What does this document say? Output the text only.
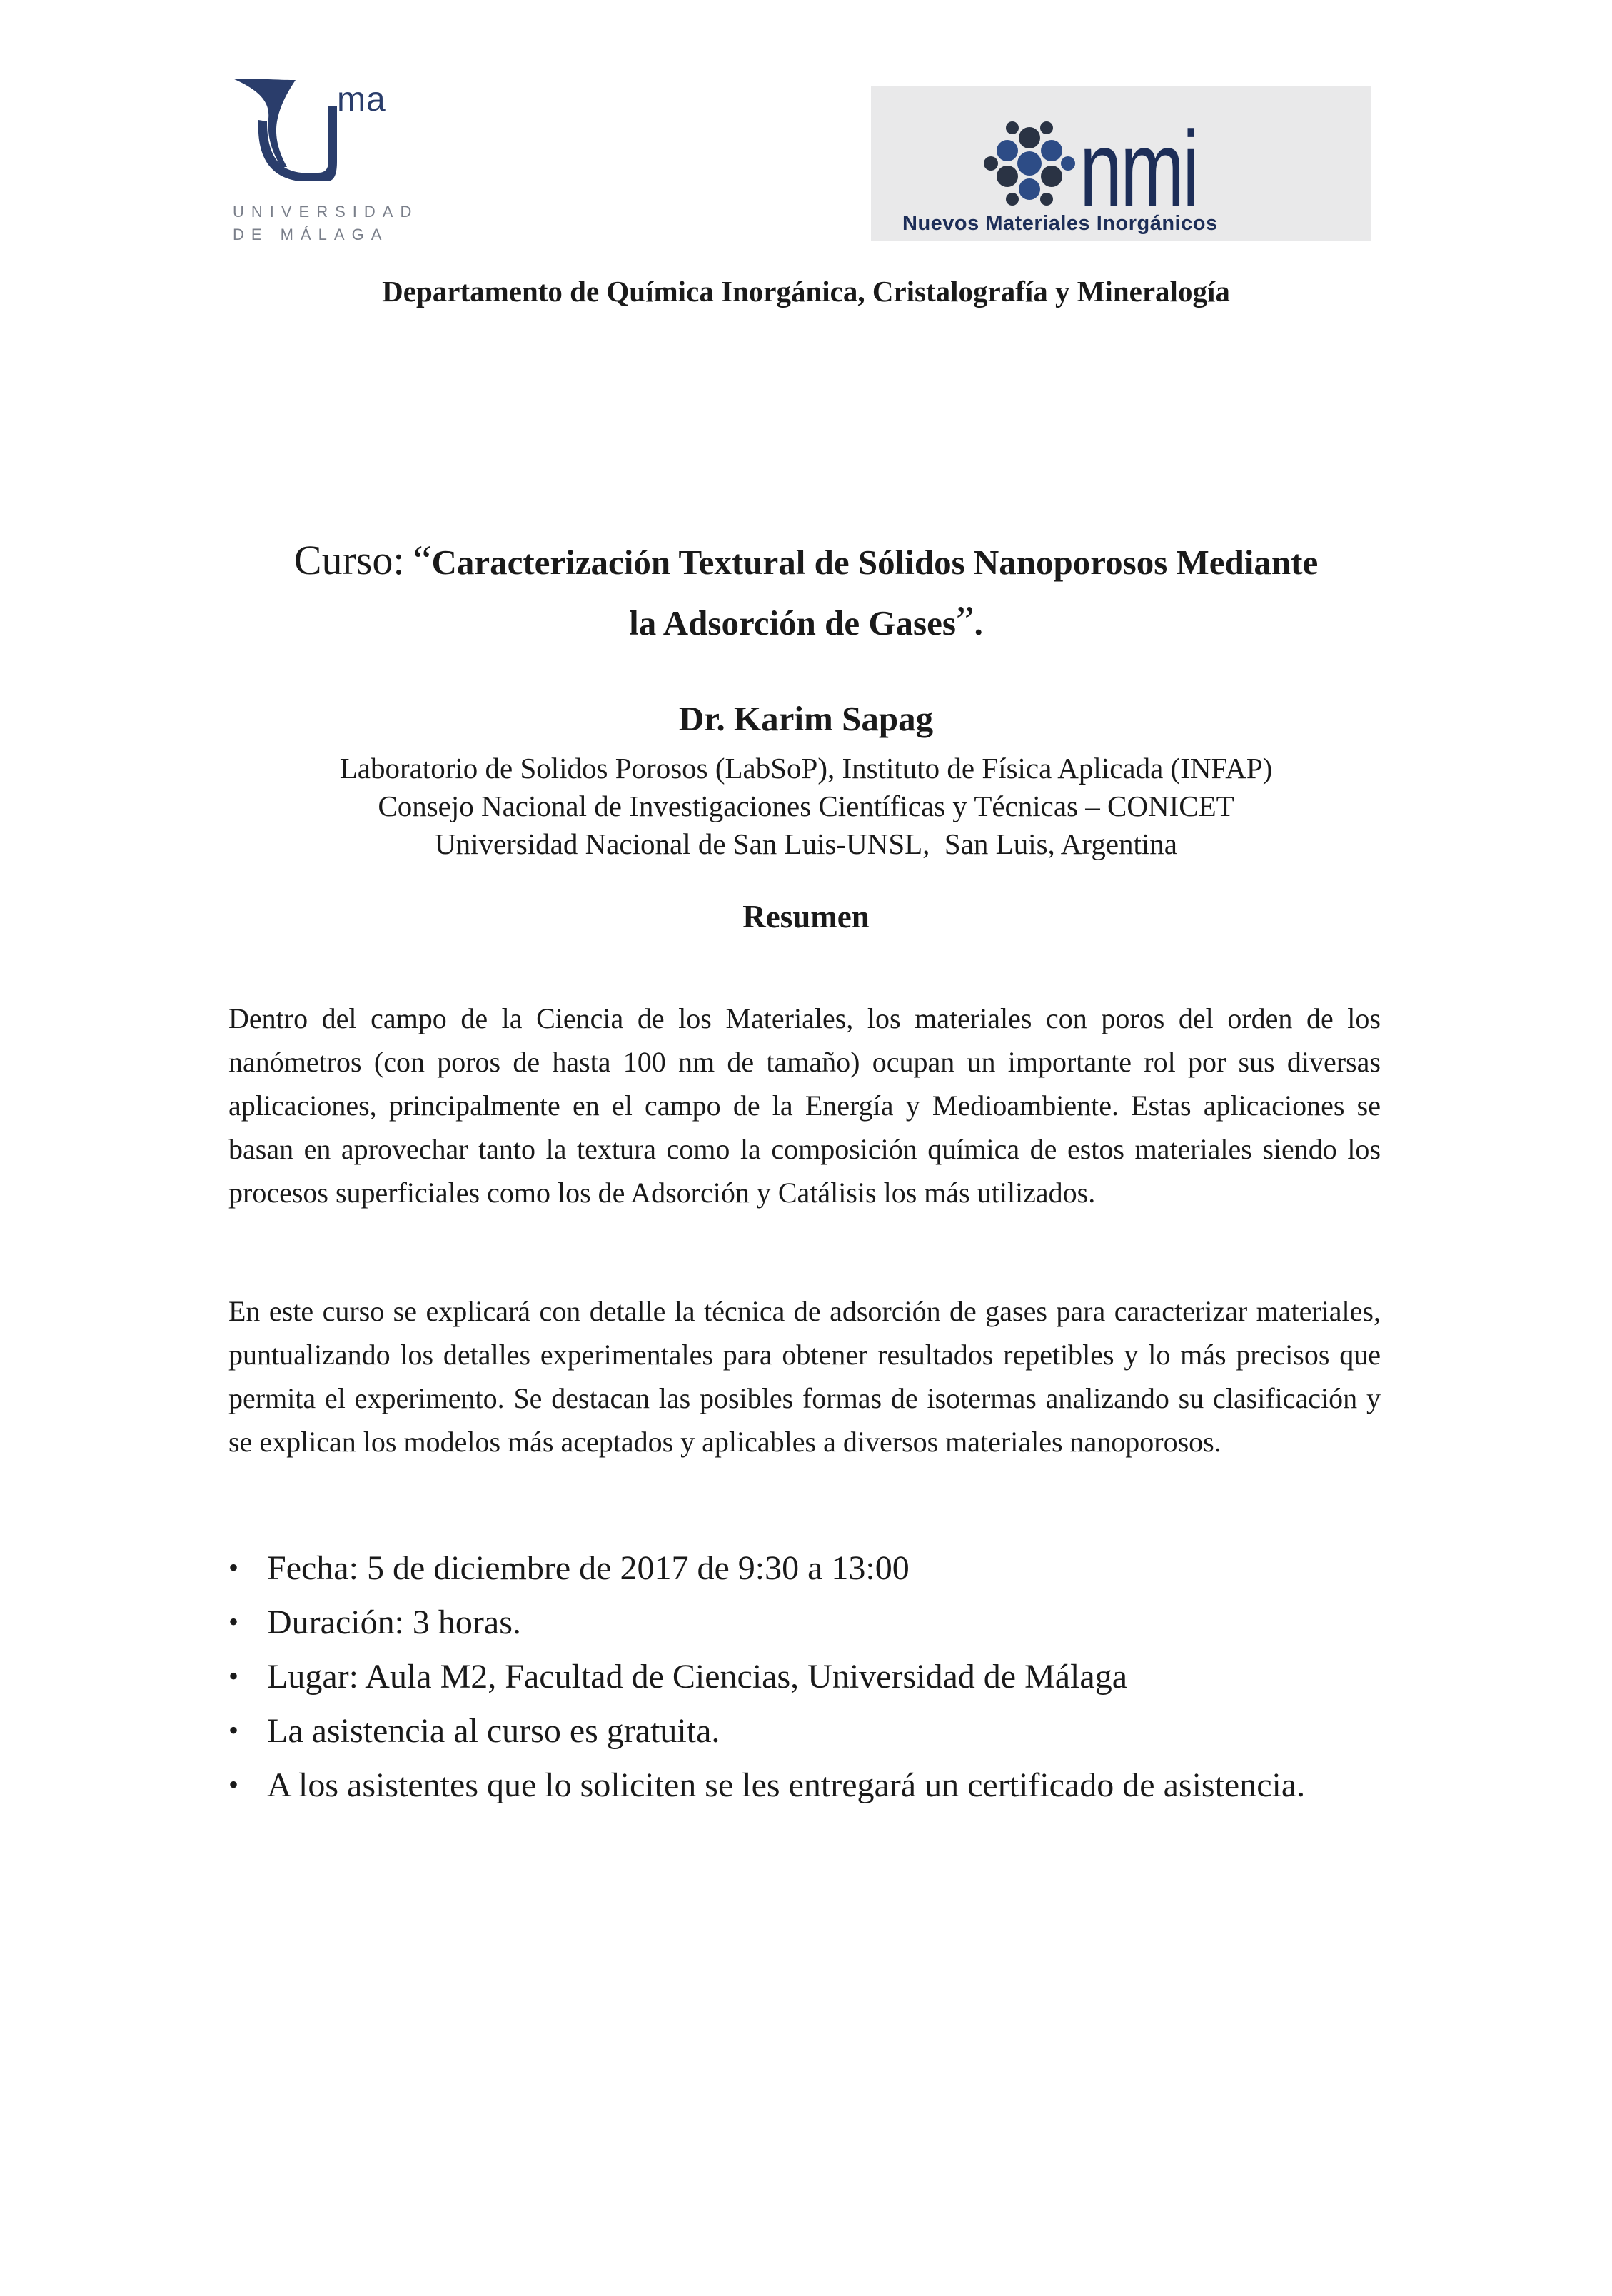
ma
UNIVERSIDAD
DE MÁLAGA
nmi
Nuevos Materiales Inorgánicos
Departamento de Química Inorgánica, Cristalografía y Mineralogía
Curso: “Caracterización Textural de Sólidos Nanoporosos Mediante
la Adsorción de Gases”.
Dr. Karim Sapag
Laboratorio de Solidos Porosos (LabSoP), Instituto de Física Aplicada (INFAP)
Consejo Nacional de Investigaciones Científicas y Técnicas – CONICET
Universidad Nacional de San Luis-UNSL,  San Luis, Argentina
Resumen

Dentro del campo de la Ciencia de los Materiales, los materiales con poros del orden de los nanómetros (con poros de hasta 100 nm de tamaño) ocupan un importante rol por sus diversas aplicaciones, principalmente en el campo de la Energía y Medioambiente. Estas aplicaciones se basan en aprovechar tanto la textura como la composición química de estos materiales siendo los procesos superficiales como los de Adsorción y Catálisis los más utilizados.

En este curso se explicará con detalle la técnica de adsorción de gases para caracterizar materiales, puntualizando los detalles experimentales para obtener resultados repetibles y lo más precisos que permita el experimento. Se destacan las posibles formas de isotermas analizando su clasificación y se explican los modelos más aceptados y aplicables a diversos materiales nanoporosos.

• Fecha: 5 de diciembre de 2017 de 9:30 a 13:00
• Duración: 3 horas.
• Lugar: Aula M2, Facultad de Ciencias, Universidad de Málaga
• La asistencia al curso es gratuita.
• A los asistentes que lo soliciten se les entregará un certificado de asistencia.
